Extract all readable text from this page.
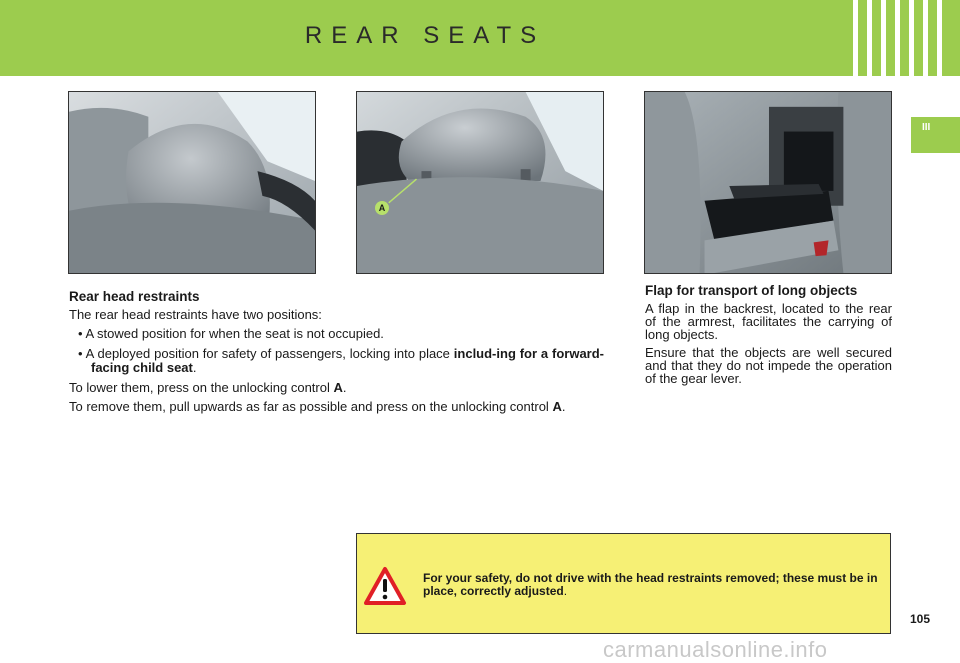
REAR SEATS
III
A
Rear head restraints

The rear head restraints have two positions:

• A stowed position for when the seat is not occupied.

• A deployed position for safety of passengers, locking into place includ-ing for a forward-facing child seat.

To lower them, press on the unlocking control A.

To remove them, pull upwards as far as possible and press on the unlocking control A.

Flap for transport of long objects

A flap in the backrest, located to the rear of the armrest, facilitates the carrying of long objects.

Ensure that the objects are well secured and that they do not impede the operation of the gear lever.

For your safety, do not drive with the head restraints removed; these must be in place, correctly adjusted.
105
carmanualsonline.info
